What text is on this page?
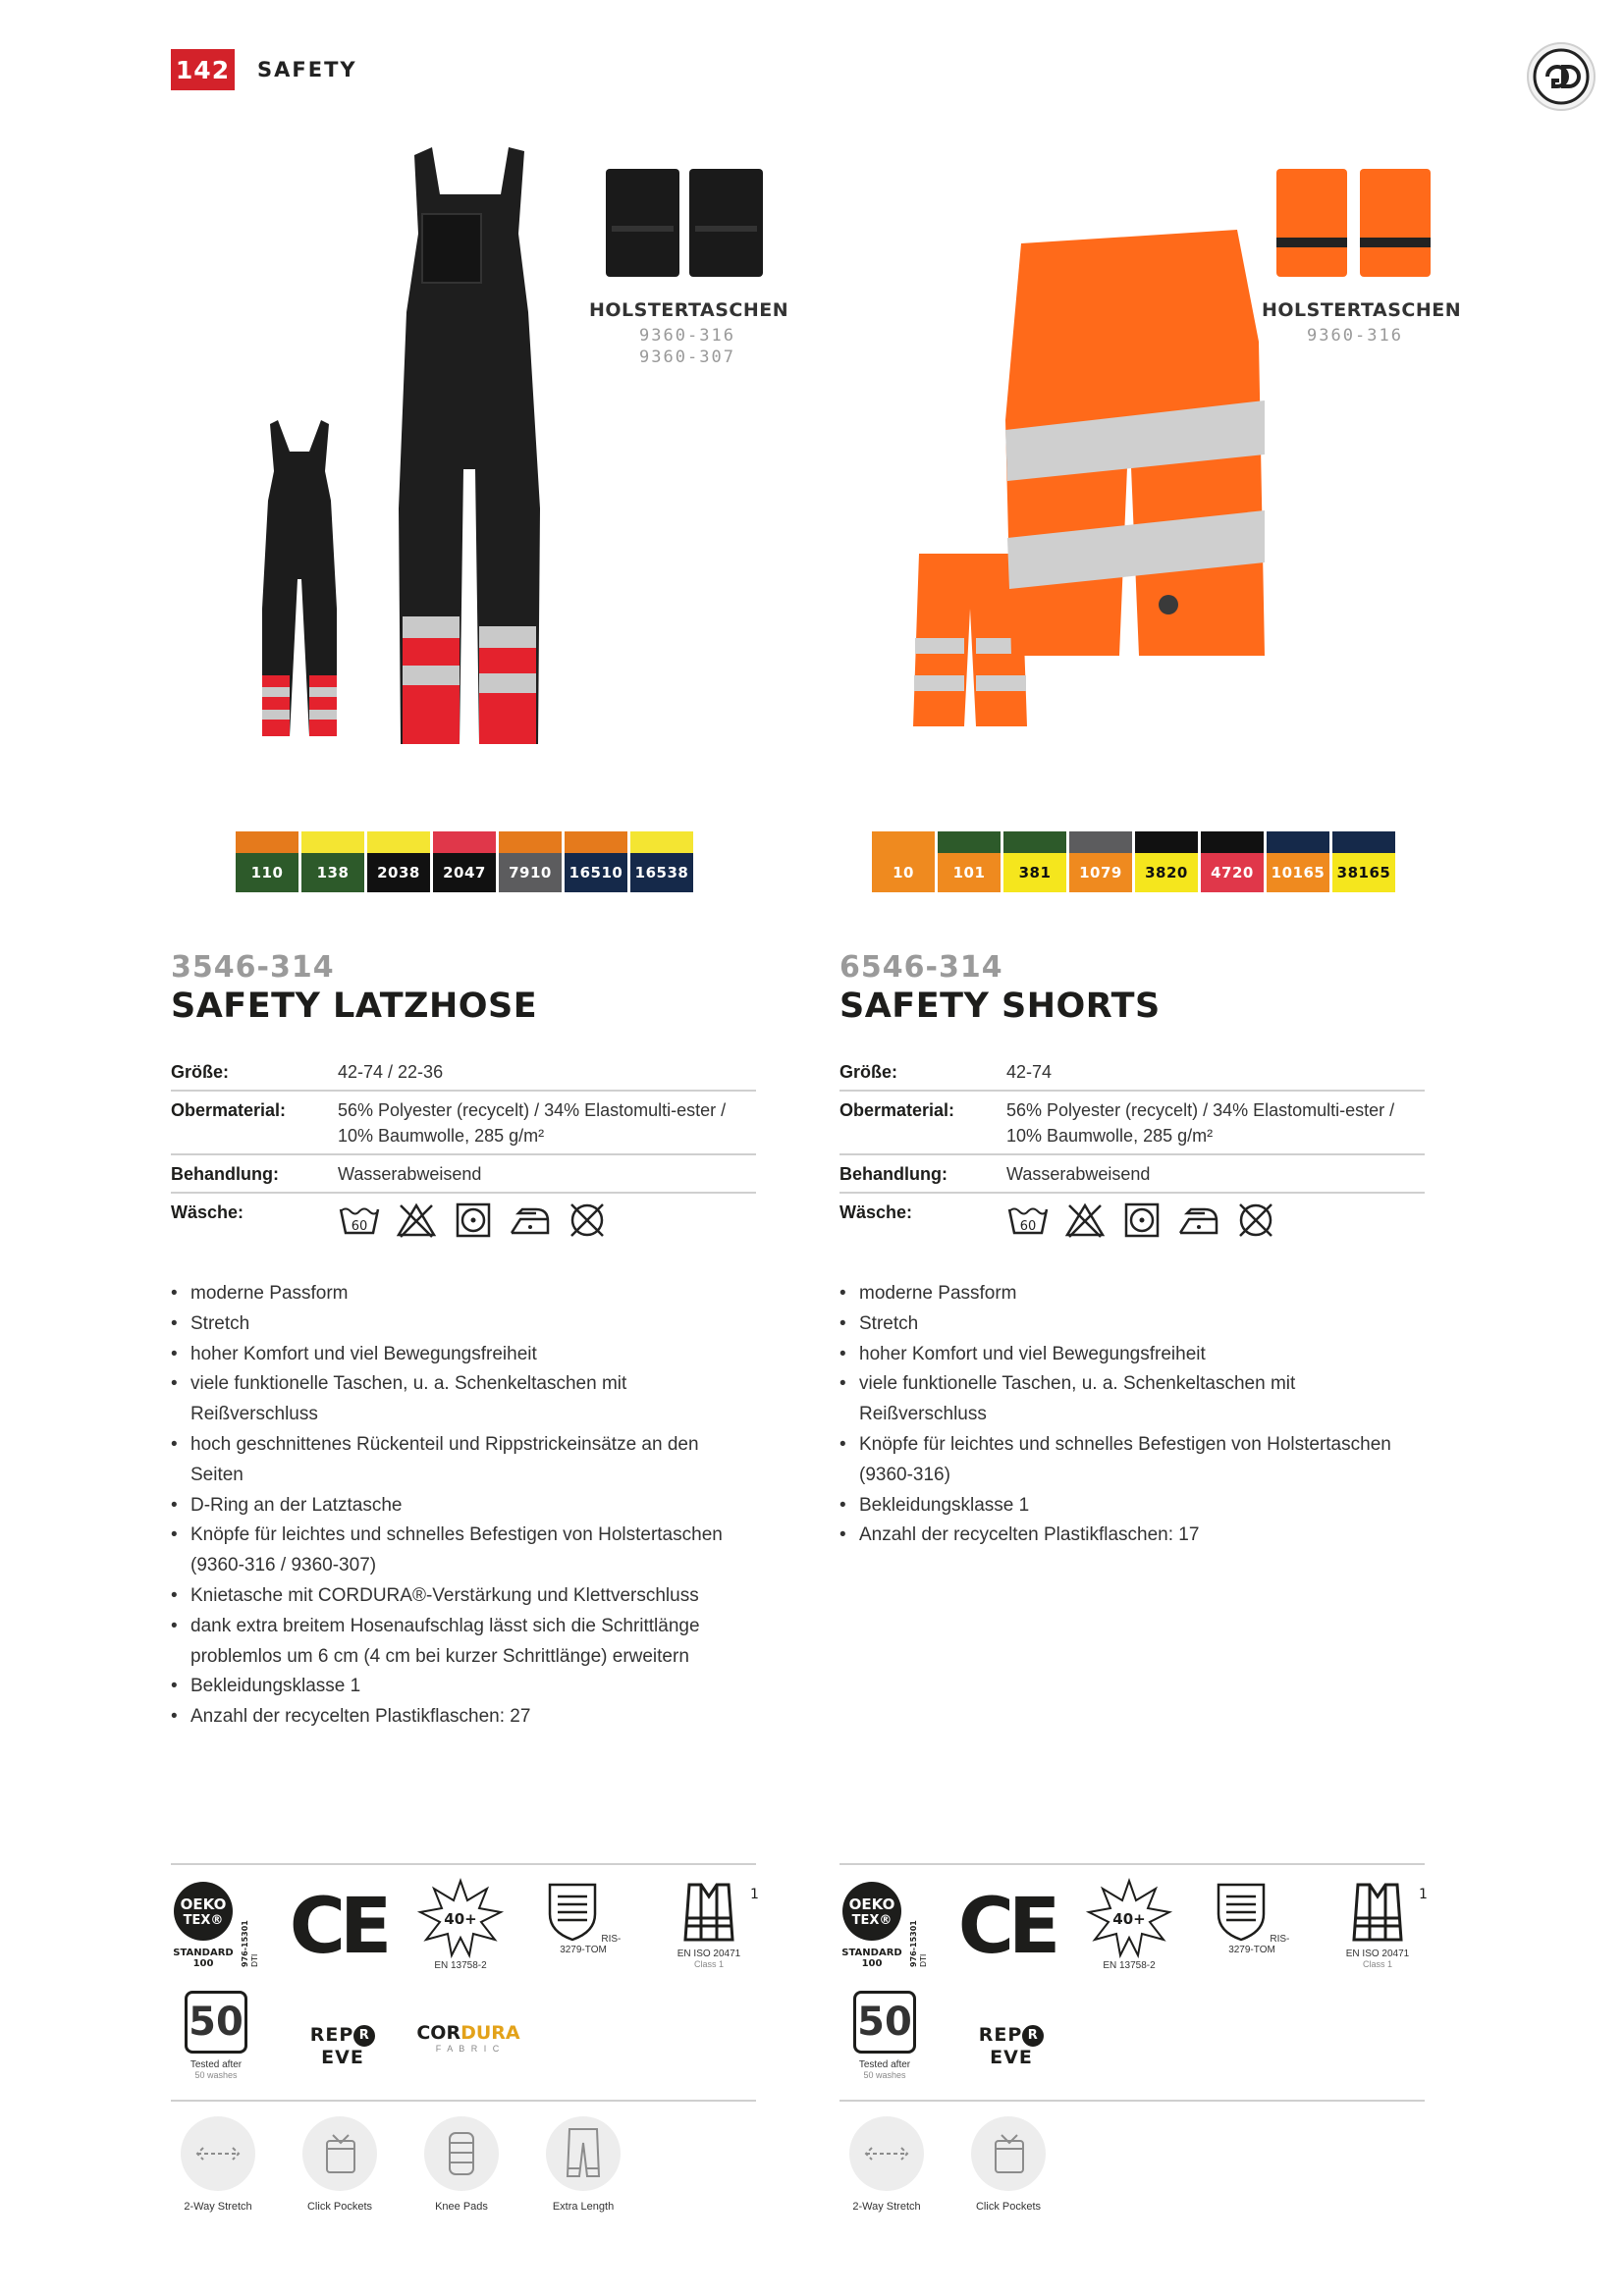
142 SAFETY
HOLSTERTASCHEN
9360-316
9360-307
HOLSTERTASCHEN
9360-316
110	138	2038	2047	7910	16510 16538	10	101	381	1079	3820	4720	10165 38165
3546-314
SAFETY LATZHOSE
Größe:	42-74 / 22-36
Obermaterial:	56% Polyester (recycelt) / 34% Elastomulti-ester / 10% Baumwolle, 285 g/m²
Behandlung:	Wasserabweisend
Wäsche:
60
• moderne Passform
• Stretch
• hoher Komfort und viel Bewegungsfreiheit
• viele funktionelle Taschen, u. a. Schenkeltaschen mit Reißverschluss
• hoch geschnittenes Rückenteil und Rippstrickeinsätze an den Seiten
• D-Ring an der Latztasche
• Knöpfe für leichtes und schnelles Befestigen von Holstertaschen (9360-316 / 9360-307)
• Knietasche mit CORDURA®-Verstärkung und Klettverschluss
• dank extra breitem Hosenaufschlag lässt sich die Schrittlänge problemlos um 6 cm (4 cm bei kurzer Schrittlänge) erweitern
• Bekleidungsklasse 1
• Anzahl der recycelten Plastikflaschen: 27
6546-314
SAFETY SHORTS
Größe:	42-74
Obermaterial:	56% Polyester (recycelt) / 34% Elastomulti-ester / 10% Baumwolle, 285 g/m²
Behandlung:	Wasserabweisend
Wäsche:
60
• moderne Passform
• Stretch
• hoher Komfort und viel Bewegungsfreiheit
• viele funktionelle Taschen, u. a. Schenkeltaschen mit Reißverschluss
• Knöpfe für leichtes und schnelles Befestigen von Holstertaschen (9360-316)
• Bekleidungsklasse 1
• Anzahl der recycelten Plastikflaschen: 17
OEKO
TEX®
STANDARD
100	976-15301 DTI CE	40+
EN 13758-2
RIS-3279-TOM
1
EN ISO 20471
Class 1
50
Tested after
50 washes
REP REVE
CORDURA
F A B R I C
OEKO
TEX®
STANDARD
100	976-15301 DTI CE	40+
EN 13758-2
RIS-3279-TOM
1
EN ISO 20471
Class 1
50
Tested after
50 washes
REP REVE
2-Way Stretch	Click Pockets	Knee Pads	Extra Length	2-Way Stretch	Click Pockets
